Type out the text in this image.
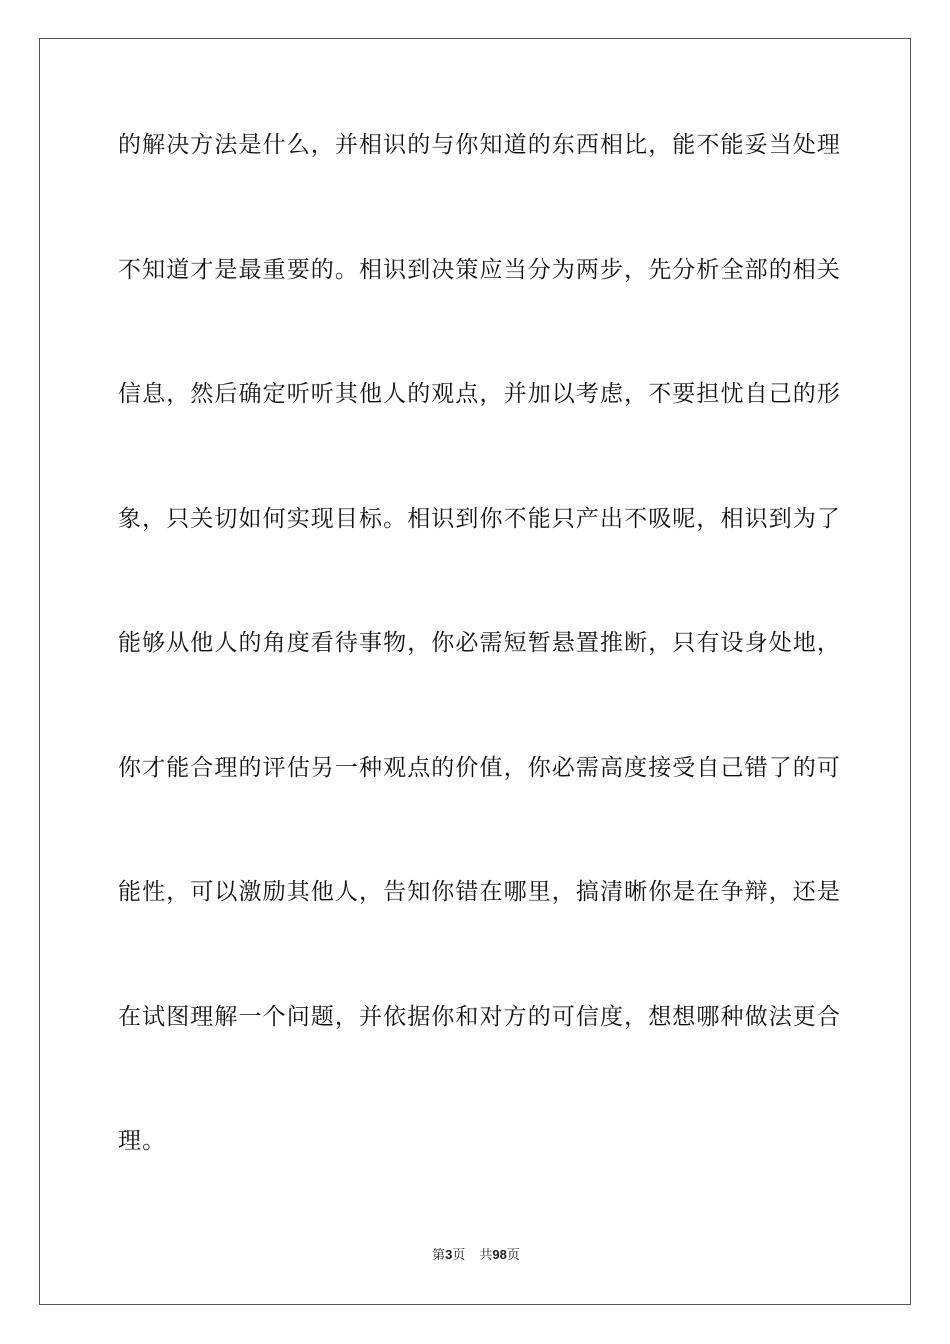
的解决方法是什么，并相识的与你知道的东西相比，能不能妥当处理
不知道才是最重要的。相识到决策应当分为两步，先分析全部的相关
信息，然后确定听听其他人的观点，并加以考虑，不要担忧自己的形
象，只关切如何实现目标。相识到你不能只产出不吸呢，相识到为了
能够从他人的角度看待事物，你必需短暂悬置推断，只有设身处地，
你才能合理的评估另一种观点的价值，你必需高度接受自己错了的可
能性，可以激励其他人，告知你错在哪里，搞清晰你是在争辩，还是
在试图理解一个问题，并依据你和对方的可信度，想想哪种做法更合
理。
第3页 共98页
